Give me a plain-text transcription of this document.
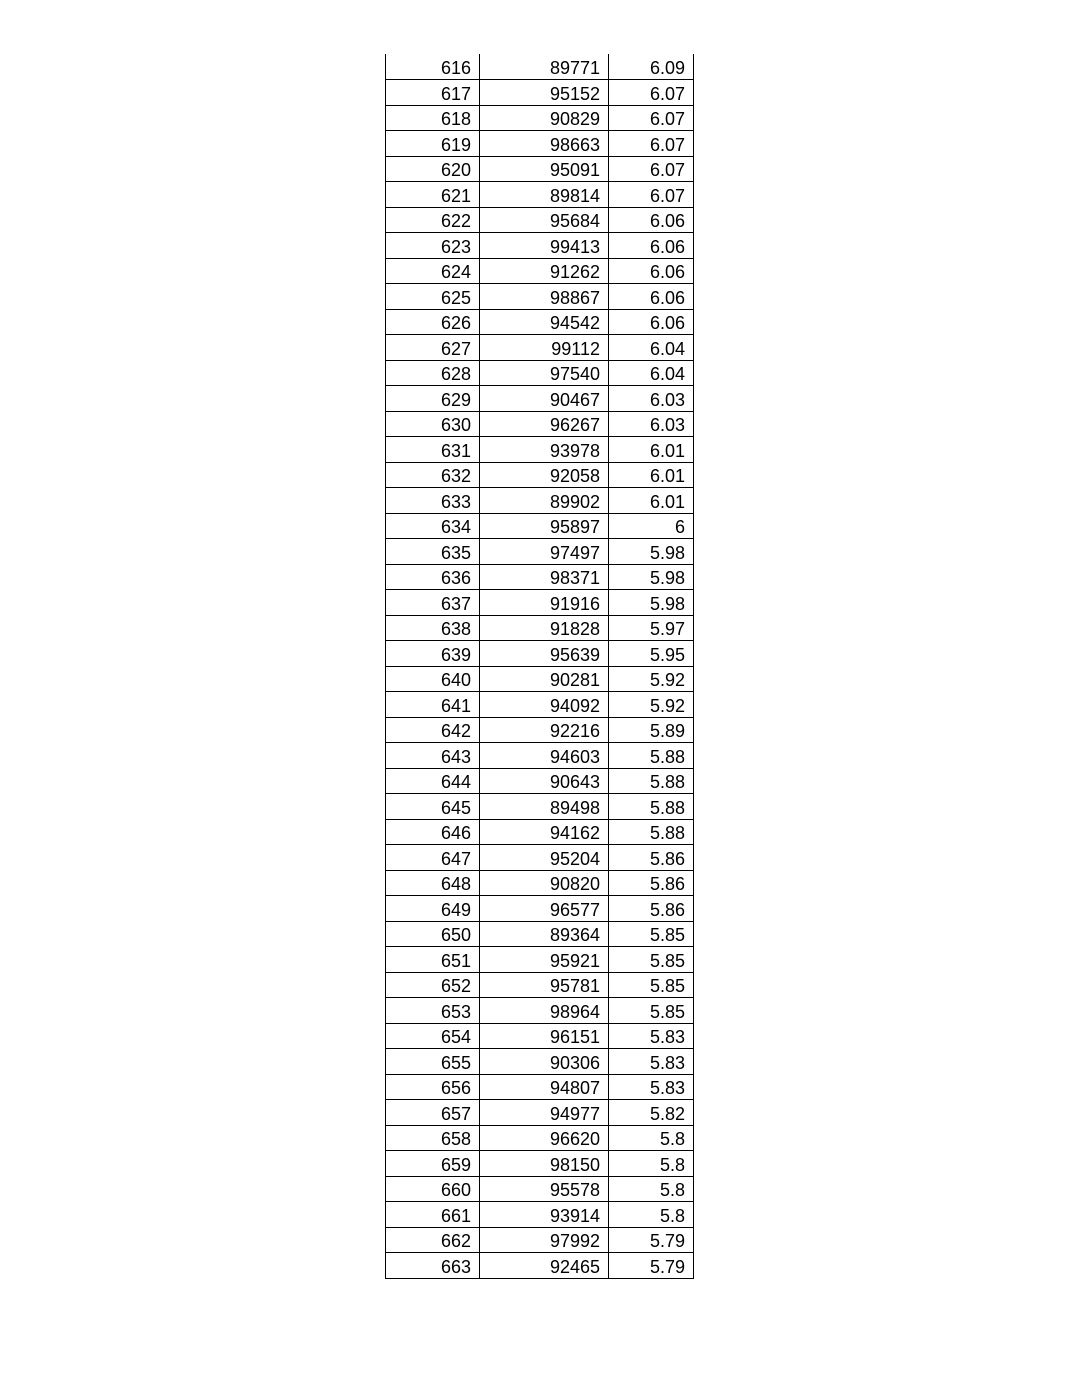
616	89771	6.09
617	95152	6.07
618	90829	6.07
619	98663	6.07
620	95091	6.07
621	89814	6.07
622	95684	6.06
623	99413	6.06
624	91262	6.06
625	98867	6.06
626	94542	6.06
627	99112	6.04
628	97540	6.04
629	90467	6.03
630	96267	6.03
631	93978	6.01
632	92058	6.01
633	89902	6.01
634	95897	6
635	97497	5.98
636	98371	5.98
637	91916	5.98
638	91828	5.97
639	95639	5.95
640	90281	5.92
641	94092	5.92
642	92216	5.89
643	94603	5.88
644	90643	5.88
645	89498	5.88
646	94162	5.88
647	95204	5.86
648	90820	5.86
649	96577	5.86
650	89364	5.85
651	95921	5.85
652	95781	5.85
653	98964	5.85
654	96151	5.83
655	90306	5.83
656	94807	5.83
657	94977	5.82
658	96620	5.8
659	98150	5.8
660	95578	5.8
661	93914	5.8
662	97992	5.79
663	92465	5.79
